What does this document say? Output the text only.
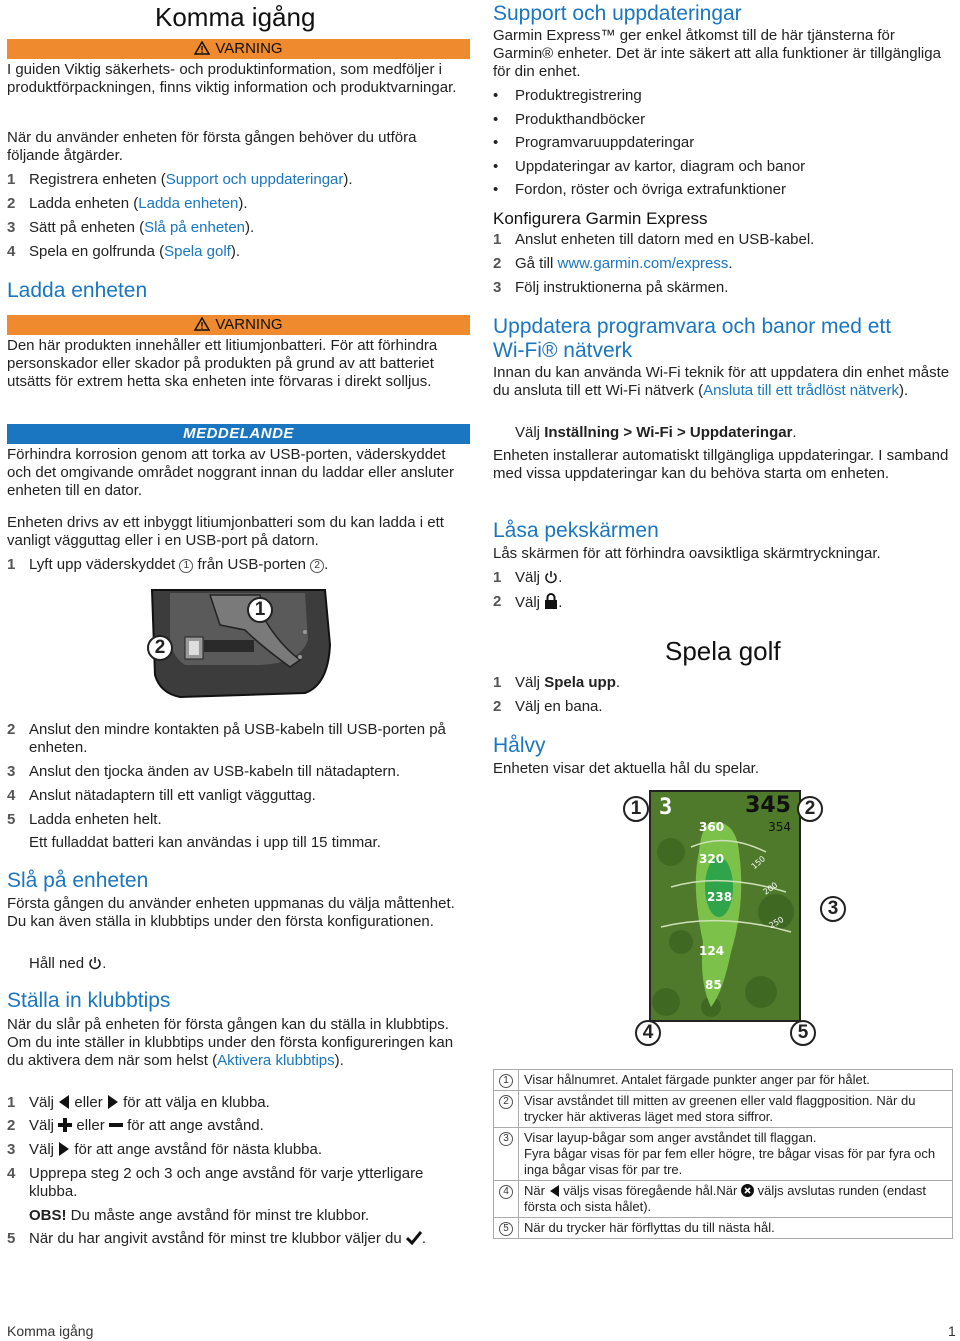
Komma igång
VARNING

I guiden Viktig säkerhets- och produktinformation, som medföljer i produktförpackningen, finns viktig information och produktvarningar.

När du använder enheten för första gången behöver du utföra följande åtgärder.

1 Registrera enheten (Support och uppdateringar).
2 Ladda enheten (Ladda enheten).
3 Sätt på enheten (Slå på enheten).
4 Spela en golfrunda (Spela golf).
Ladda enheten
VARNING

Den här produkten innehåller ett litiumjonbatteri. För att förhindra personskador eller skador på produkten på grund av att batteriet utsätts för extrem hetta ska enheten inte förvaras i direkt solljus.

MEDDELANDE

Förhindra korrosion genom att torka av USB-porten, väderskyddet och det omgivande området noggrant innan du laddar eller ansluter enheten till en dator.

Enheten drivs av ett inbyggt litiumjonbatteri som du kan ladda i ett vanligt vägguttag eller i en USB-port på datorn.

1 Lyft upp väderskyddet 1 från USB-porten 2 .
1
2
2 Anslut den mindre kontakten på USB-kabeln till USB-porten på enheten.
3 Anslut den tjocka änden av USB-kabeln till nätadaptern.
4 Anslut nätadaptern till ett vanligt vägguttag.
5 Ladda enheten helt.

Ett fulladdat batteri kan användas i upp till 15 timmar.

Slå på enheten

Första gången du använder enheten uppmanas du välja måttenhet. Du kan även ställa in klubbtips under den första konfigurationen.

Håll ned .

Ställa in klubbtips

När du slår på enheten för första gången kan du ställa in klubbtips. Om du inte ställer in klubbtips under den första konfigureringen kan du aktivera dem när som helst (Aktivera klubbtips).

1 Välj eller för att välja en klubba.
2 Välj eller för att ange avstånd.
3 Välj för att ange avstånd för nästa klubba.
4 Upprepa steg 2 och 3 och ange avstånd för varje ytterligare klubba.

OBS! Du måste ange avstånd för minst tre klubbor.

5 När du har angivit avstånd för minst tre klubbor väljer du .
Support och uppdateringar

Garmin Express™ ger enkel åtkomst till de här tjänsterna för Garmin® enheter. Det är inte säkert att alla funktioner är tillgängliga för din enhet.

• Produktregistrering
• Produkthandböcker
• Programvaruuppdateringar
• Uppdateringar av kartor, diagram och banor
• Fordon, röster och övriga extrafunktioner
Konfigurera Garmin Express
1 Anslut enheten till datorn med en USB-kabel.
2 Gå till www.garmin.com/express.
3 Följ instruktionerna på skärmen.
Uppdatera programvara och banor med ett Wi‑Fi® nätverk

Innan du kan använda Wi‑Fi teknik för att uppdatera din enhet måste du ansluta till ett Wi‑Fi nätverk (Ansluta till ett trådlöst nätverk).

Välj Inställning > Wi‑Fi > Uppdateringar.

Enheten installerar automatiskt tillgängliga uppdateringar. I samband med vissa uppdateringar kan du behöva starta om enheten.

Låsa pekskärmen

Lås skärmen för att förhindra oavsiktliga skärmtryckningar.

1 Välj .
2 Välj .
Spela golf
1 Välj Spela upp.
2 Välj en bana.
Hålvy

Enheten visar det aktuella hål du spelar.

3	345
354
360
320
238
124
85
150
200
250
1	2
3
4	5
1	Visar hålnumret. Antalet färgade punkter anger par för hålet.
2	Visar avståndet till mitten av greenen eller vald flaggposition. När du trycker här aktiveras läget med stora siffror.
3	Visar layup-bågar som anger avståndet till flaggan.
Fyra bågar visas för par fem eller högre, tre bågar visas för par fyra och inga bågar visas för par tre.

4	När väljs visas föregående hål.När väljs avslutas runden (endast första och sista hålet).
5	När du trycker här förflyttas du till nästa hål.
Komma igång	1
